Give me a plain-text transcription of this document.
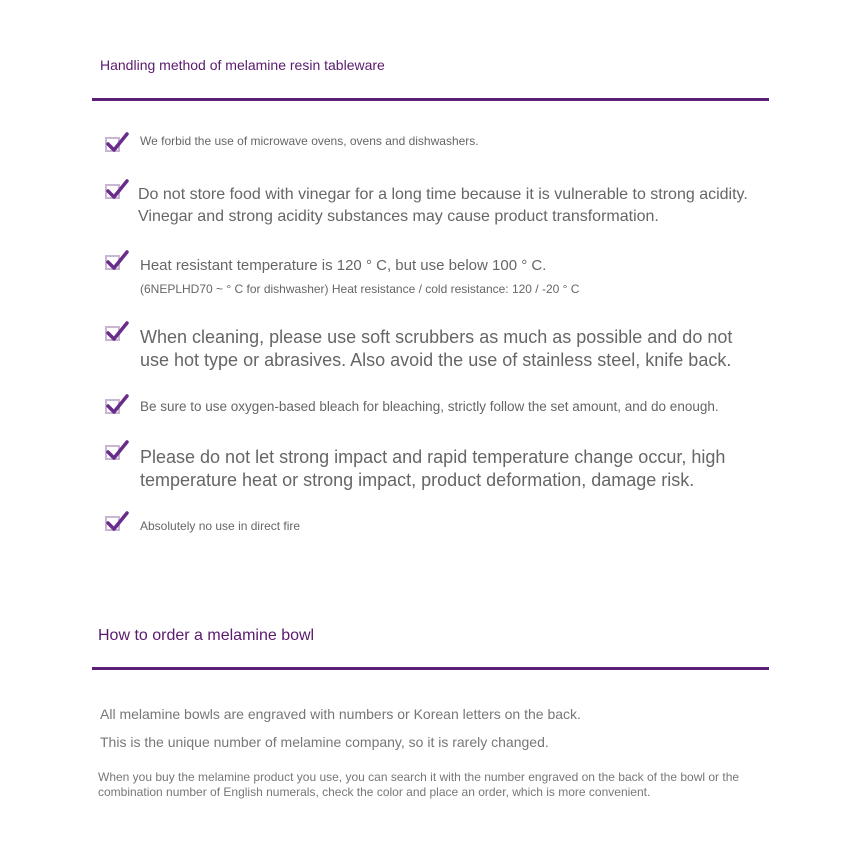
Handling method of melamine resin tableware
We forbid the use of microwave ovens, ovens and dishwashers.
Do not store food with vinegar for a long time because it is vulnerable to strong acidity. Vinegar and strong acidity substances may cause product transformation.
Heat resistant temperature is 120 ° C, but use below 100 ° C.
(6NEPLHD70 ~ ° C for dishwasher) Heat resistance / cold resistance: 120 / -20 ° C
When cleaning, please use soft scrubbers as much as possible and do not use hot type or abrasives. Also avoid the use of stainless steel, knife back.
Be sure to use oxygen-based bleach for bleaching, strictly follow the set amount, and do enough.
Please do not let strong impact and rapid temperature change occur, high temperature heat or strong impact, product deformation, damage risk.
Absolutely no use in direct fire
How to order a melamine bowl
All melamine bowls are engraved with numbers or Korean letters on the back.
This is the unique number of melamine company, so it is rarely changed.
When you buy the melamine product you use, you can search it with the number engraved on the back of the bowl or the combination number of English numerals, check the color and place an order, which is more convenient.
